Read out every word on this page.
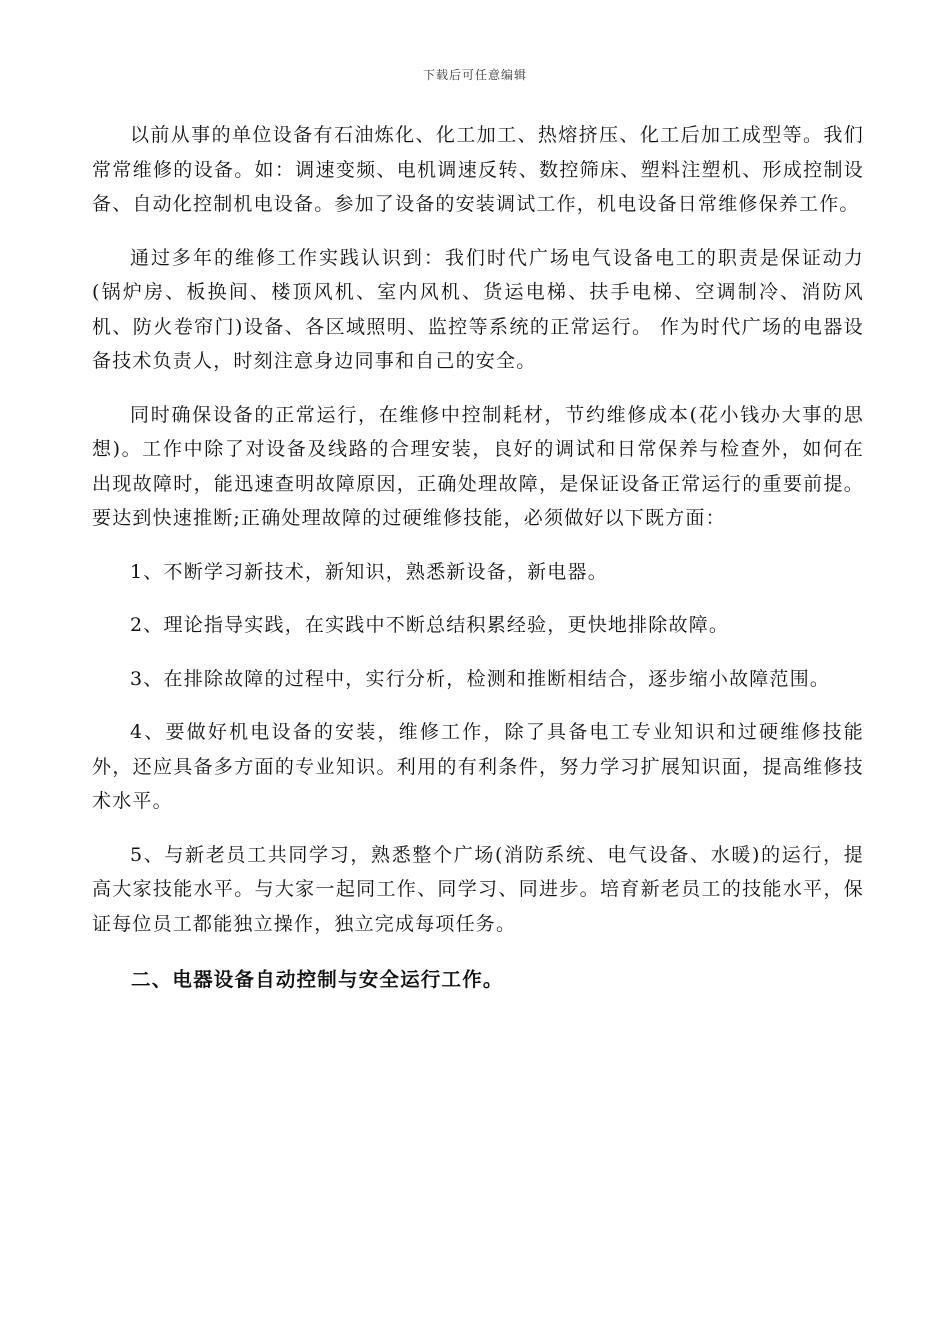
下载后可任意编辑

以前从事的单位设备有石油炼化、化工加工、热熔挤压、化工后加工成型等。我们常常维修的设备。如：调速变频、电机调速反转、数控筛床、塑料注塑机、形成控制设备、自动化控制机电设备。参加了设备的安装调试工作，机电设备日常维修保养工作。

通过多年的维修工作实践认识到：我们时代广场电气设备电工的职责是保证动力(锅炉房、板换间、楼顶风机、室内风机、货运电梯、扶手电梯、空调制冷、消防风机、防火卷帘门)设备、各区域照明、监控等系统的正常运行。 作为时代广场的电器设备技术负责人，时刻注意身边同事和自己的安全。

同时确保设备的正常运行，在维修中控制耗材，节约维修成本(花小钱办大事的思想)。工作中除了对设备及线路的合理安装，良好的调试和日常保养与检查外，如何在出现故障时，能迅速查明故障原因，正确处理故障，是保证设备正常运行的重要前提。要达到快速推断;正确处理故障的过硬维修技能，必须做好以下既方面：

1、不断学习新技术，新知识，熟悉新设备，新电器。

2、理论指导实践，在实践中不断总结积累经验，更快地排除故障。

3、在排除故障的过程中，实行分析，检测和推断相结合，逐步缩小故障范围。

4、要做好机电设备的安装，维修工作，除了具备电工专业知识和过硬维修技能外，还应具备多方面的专业知识。利用的有利条件，努力学习扩展知识面，提高维修技术水平。

5、与新老员工共同学习，熟悉整个广场(消防系统、电气设备、水暖)的运行，提高大家技能水平。与大家一起同工作、同学习、同进步。培育新老员工的技能水平，保证每位员工都能独立操作，独立完成每项任务。

二、电器设备自动控制与安全运行工作。
